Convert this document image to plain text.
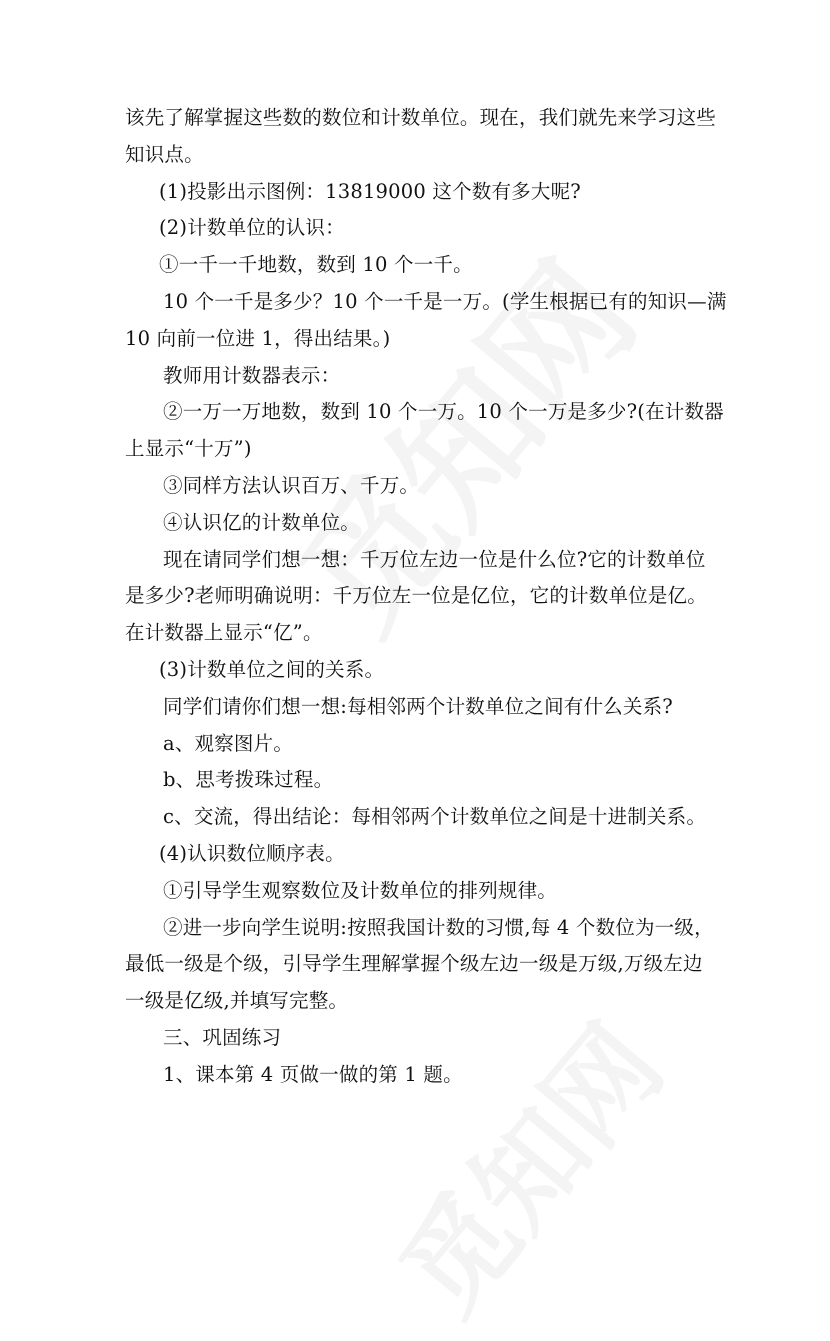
该先了解掌握这些数的数位和计数单位。现在，我们就先来学习这些
知识点。
(1)投影出示图例：13819000 这个数有多大呢?
(2)计数单位的认识：
①一千一千地数，数到 10 个一千。
10 个一千是多少？10 个一千是一万。(学生根据已有的知识—满
10 向前一位进 1，得出结果。)
教师用计数器表示：
②一万一万地数，数到 10 个一万。10 个一万是多少?(在计数器
上显示“十万”)
③同样方法认识百万、千万。
④认识亿的计数单位。
现在请同学们想一想：千万位左边一位是什么位?它的计数单位
是多少?老师明确说明：千万位左一位是亿位，它的计数单位是亿。
在计数器上显示“亿”。
(3)计数单位之间的关系。
同学们请你们想一想:每相邻两个计数单位之间有什么关系?
a、观察图片。
b、思考拨珠过程。
c、交流，得出结论：每相邻两个计数单位之间是十进制关系。
(4)认识数位顺序表。
①引导学生观察数位及计数单位的排列规律。
②进一步向学生说明:按照我国计数的习惯,每 4 个数位为一级，
最低一级是个级，引导学生理解掌握个级左边一级是万级,万级左边
一级是亿级,并填写完整。
三、巩固练习
1、课本第 4 页做一做的第 1 题。
